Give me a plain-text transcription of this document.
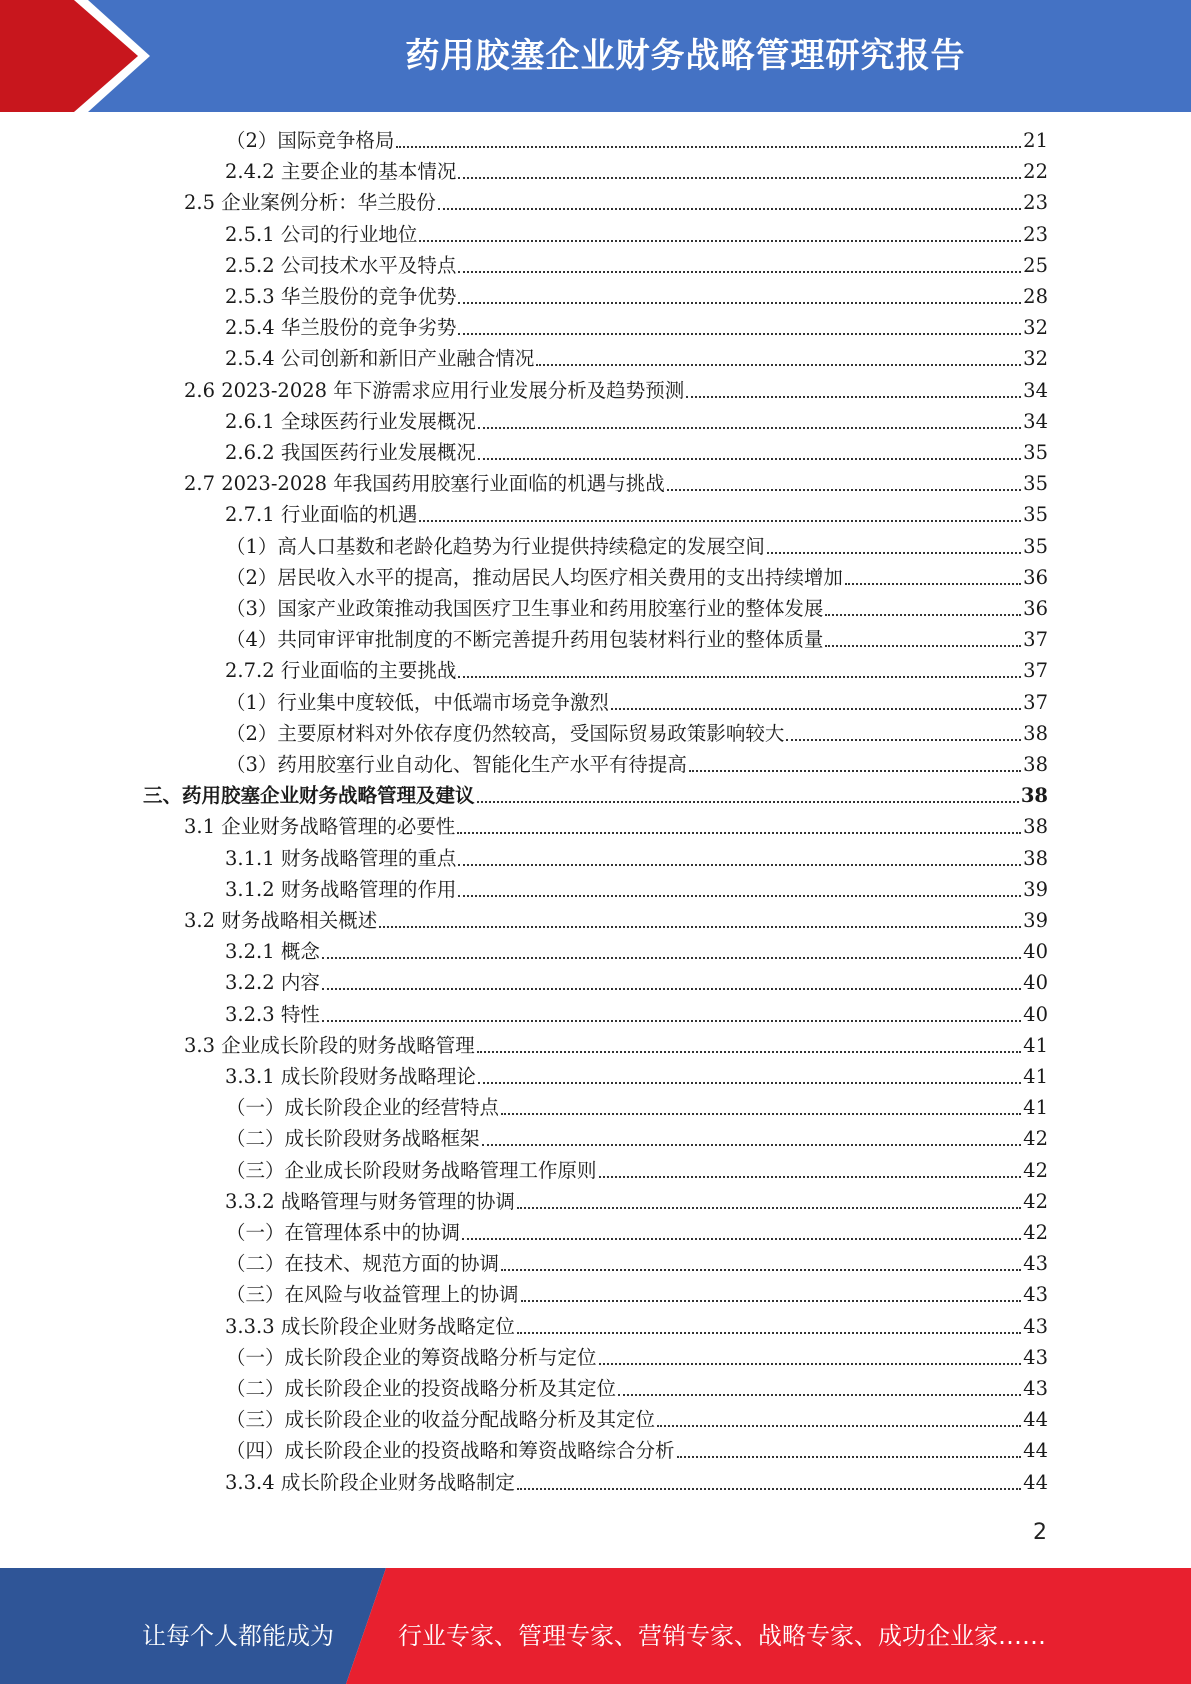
药用胶塞企业财务战略管理研究报告
（2）国际竞争格局	21
2.4.2 主要企业的基本情况	22
2.5 企业案例分析：华兰股份	23
2.5.1 公司的行业地位	23
2.5.2 公司技术水平及特点	25
2.5.3 华兰股份的竞争优势	28
2.5.4 华兰股份的竞争劣势	32
2.5.4 公司创新和新旧产业融合情况	32
2.6 2023-2028 年下游需求应用行业发展分析及趋势预测	34
2.6.1 全球医药行业发展概况	34
2.6.2 我国医药行业发展概况	35
2.7 2023-2028 年我国药用胶塞行业面临的机遇与挑战	35
2.7.1 行业面临的机遇	35
（1）高人口基数和老龄化趋势为行业提供持续稳定的发展空间	35
（2）居民收入水平的提高，推动居民人均医疗相关费用的支出持续增加	36
（3）国家产业政策推动我国医疗卫生事业和药用胶塞行业的整体发展	36
（4）共同审评审批制度的不断完善提升药用包装材料行业的整体质量	37
2.7.2 行业面临的主要挑战	37
（1）行业集中度较低，中低端市场竞争激烈	37
（2）主要原材料对外依存度仍然较高，受国际贸易政策影响较大	38
（3）药用胶塞行业自动化、智能化生产水平有待提高	38
三、药用胶塞企业财务战略管理及建议	38
3.1 企业财务战略管理的必要性	38
3.1.1 财务战略管理的重点	38
3.1.2 财务战略管理的作用	39
3.2 财务战略相关概述	39
3.2.1 概念	40
3.2.2 内容	40
3.2.3 特性	40
3.3 企业成长阶段的财务战略管理	41
3.3.1 成长阶段财务战略理论	41
（一）成长阶段企业的经营特点	41
（二）成长阶段财务战略框架	42
（三）企业成长阶段财务战略管理工作原则	42
3.3.2 战略管理与财务管理的协调	42
（一）在管理体系中的协调	42
（二）在技术、规范方面的协调	43
（三）在风险与收益管理上的协调	43
3.3.3 成长阶段企业财务战略定位	43
（一）成长阶段企业的筹资战略分析与定位	43
（二）成长阶段企业的投资战略分析及其定位	43
（三）成长阶段企业的收益分配战略分析及其定位	44
（四）成长阶段企业的投资战略和筹资战略综合分析	44
3.3.4 成长阶段企业财务战略制定	44
2
让每个人都能成为	行业专家、管理专家、营销专家、战略专家、成功企业家……
